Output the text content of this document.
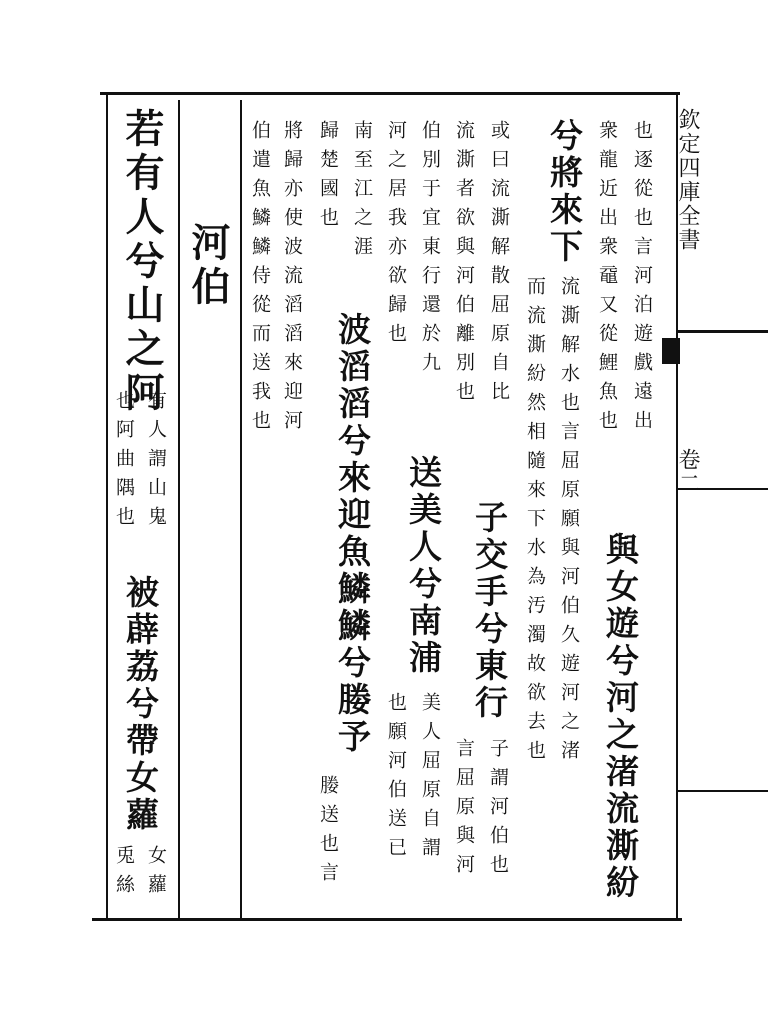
欽定四庫全書
卷二
也逐從也言河泊遊戲遠出
衆龍近出衆黿又從鯉魚也
與女遊兮河之渚流澌紛
兮將來下
流澌解水也言屈原願與河伯久遊河之渚
而流澌紛然相隨來下水為汚濁故欲去也
或曰流澌解散屈原自比
子交手兮東行
子謂河伯也
流澌者欲與河伯離別也
言屈原與河
伯別于宜東行還於九
送美人兮南浦
美人屈原自謂
河之居我亦欲歸也
也願河伯送已
南至江之涯
波滔滔兮來迎魚鱗鱗兮媵予
歸楚國也
媵送也言
將歸亦使波流滔滔來迎河
伯遣魚鱗鱗侍從而送我也
河伯
若有人兮山之阿
有人謂山鬼
也阿曲隅也
被薜荔兮帶女蘿
女蘿
兎絲
